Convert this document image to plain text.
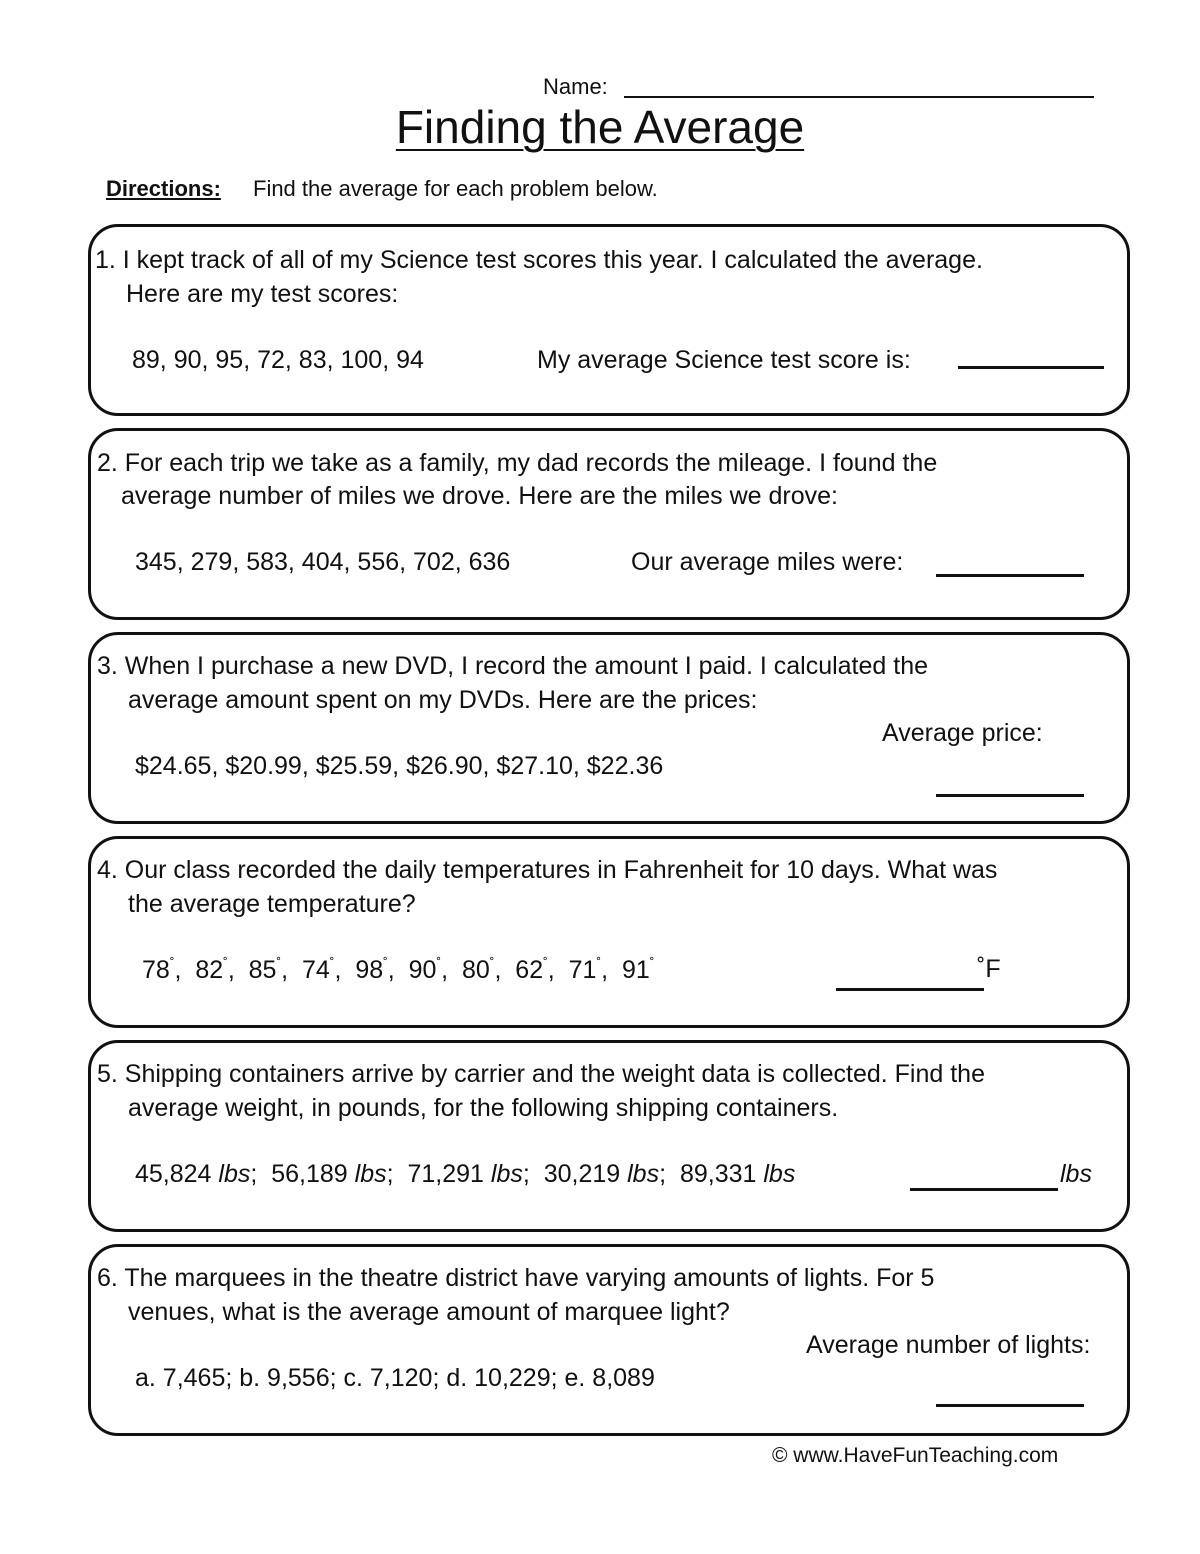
Name:
Finding the Average
Directions: Find the average for each problem below.
1. I kept track of all of my Science test scores this year. I calculated the average.
Here are my test scores:
89, 90, 95, 72, 83, 100, 94	My average Science test score is:
2. For each trip we take as a family, my dad records the mileage. I found the
average number of miles we drove. Here are the miles we drove:
345, 279, 583, 404, 556, 702, 636	Our average miles were:
3. When I purchase a new DVD, I record the amount I paid. I calculated the
average amount spent on my DVDs. Here are the prices:
Average price:
$24.65, $20.99, $25.59, $26.90, $27.10, $22.36
4. Our class recorded the daily temperatures in Fahrenheit for 10 days. What was
the average temperature?
78˚,  82˚,  85˚,  74˚,  98˚,  90˚,  80˚,  62˚,  71˚,  91˚	˚F
5. Shipping containers arrive by carrier and the weight data is collected. Find the
average weight, in pounds, for the following shipping containers.
45,824 lbs;  56,189 lbs;  71,291 lbs;  30,219 lbs;  89,331 lbs	lbs
6. The marquees in the theatre district have varying amounts of lights. For 5
venues, what is the average amount of marquee light?
Average number of lights:
a. 7,465; b. 9,556; c. 7,120; d. 10,229; e. 8,089
© www.HaveFunTeaching.com
